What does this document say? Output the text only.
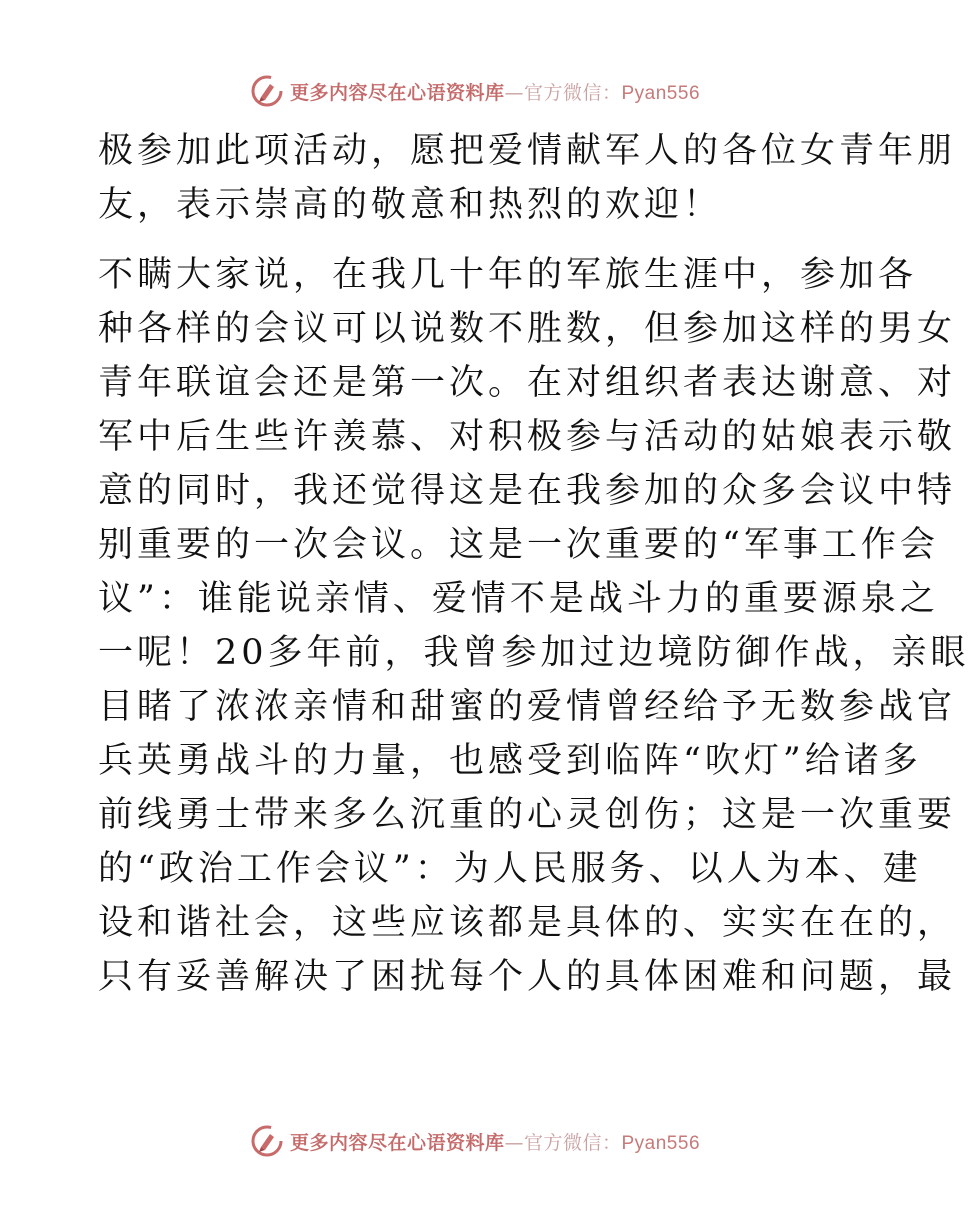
更多内容尽在心语资料库—官方微信：Pyan556
极参加此项活动，愿把爱情献军人的各位女青年朋
友，表示崇高的敬意和热烈的欢迎！
不瞒大家说，在我几十年的军旅生涯中，参加各
种各样的会议可以说数不胜数，但参加这样的男女
青年联谊会还是第一次。在对组织者表达谢意、对
军中后生些许羡慕、对积极参与活动的姑娘表示敬
意的同时，我还觉得这是在我参加的众多会议中特
别重要的一次会议。这是一次重要的“军事工作会
议”：谁能说亲情、爱情不是战斗力的重要源泉之
一呢！20多年前，我曾参加过边境防御作战，亲眼
目睹了浓浓亲情和甜蜜的爱情曾经给予无数参战官
兵英勇战斗的力量，也感受到临阵“吹灯”给诸多
前线勇士带来多么沉重的心灵创伤；这是一次重要
的“政治工作会议”：为人民服务、以人为本、建
设和谐社会，这些应该都是具体的、实实在在的，
只有妥善解决了困扰每个人的具体困难和问题，最
更多内容尽在心语资料库—官方微信：Pyan556
